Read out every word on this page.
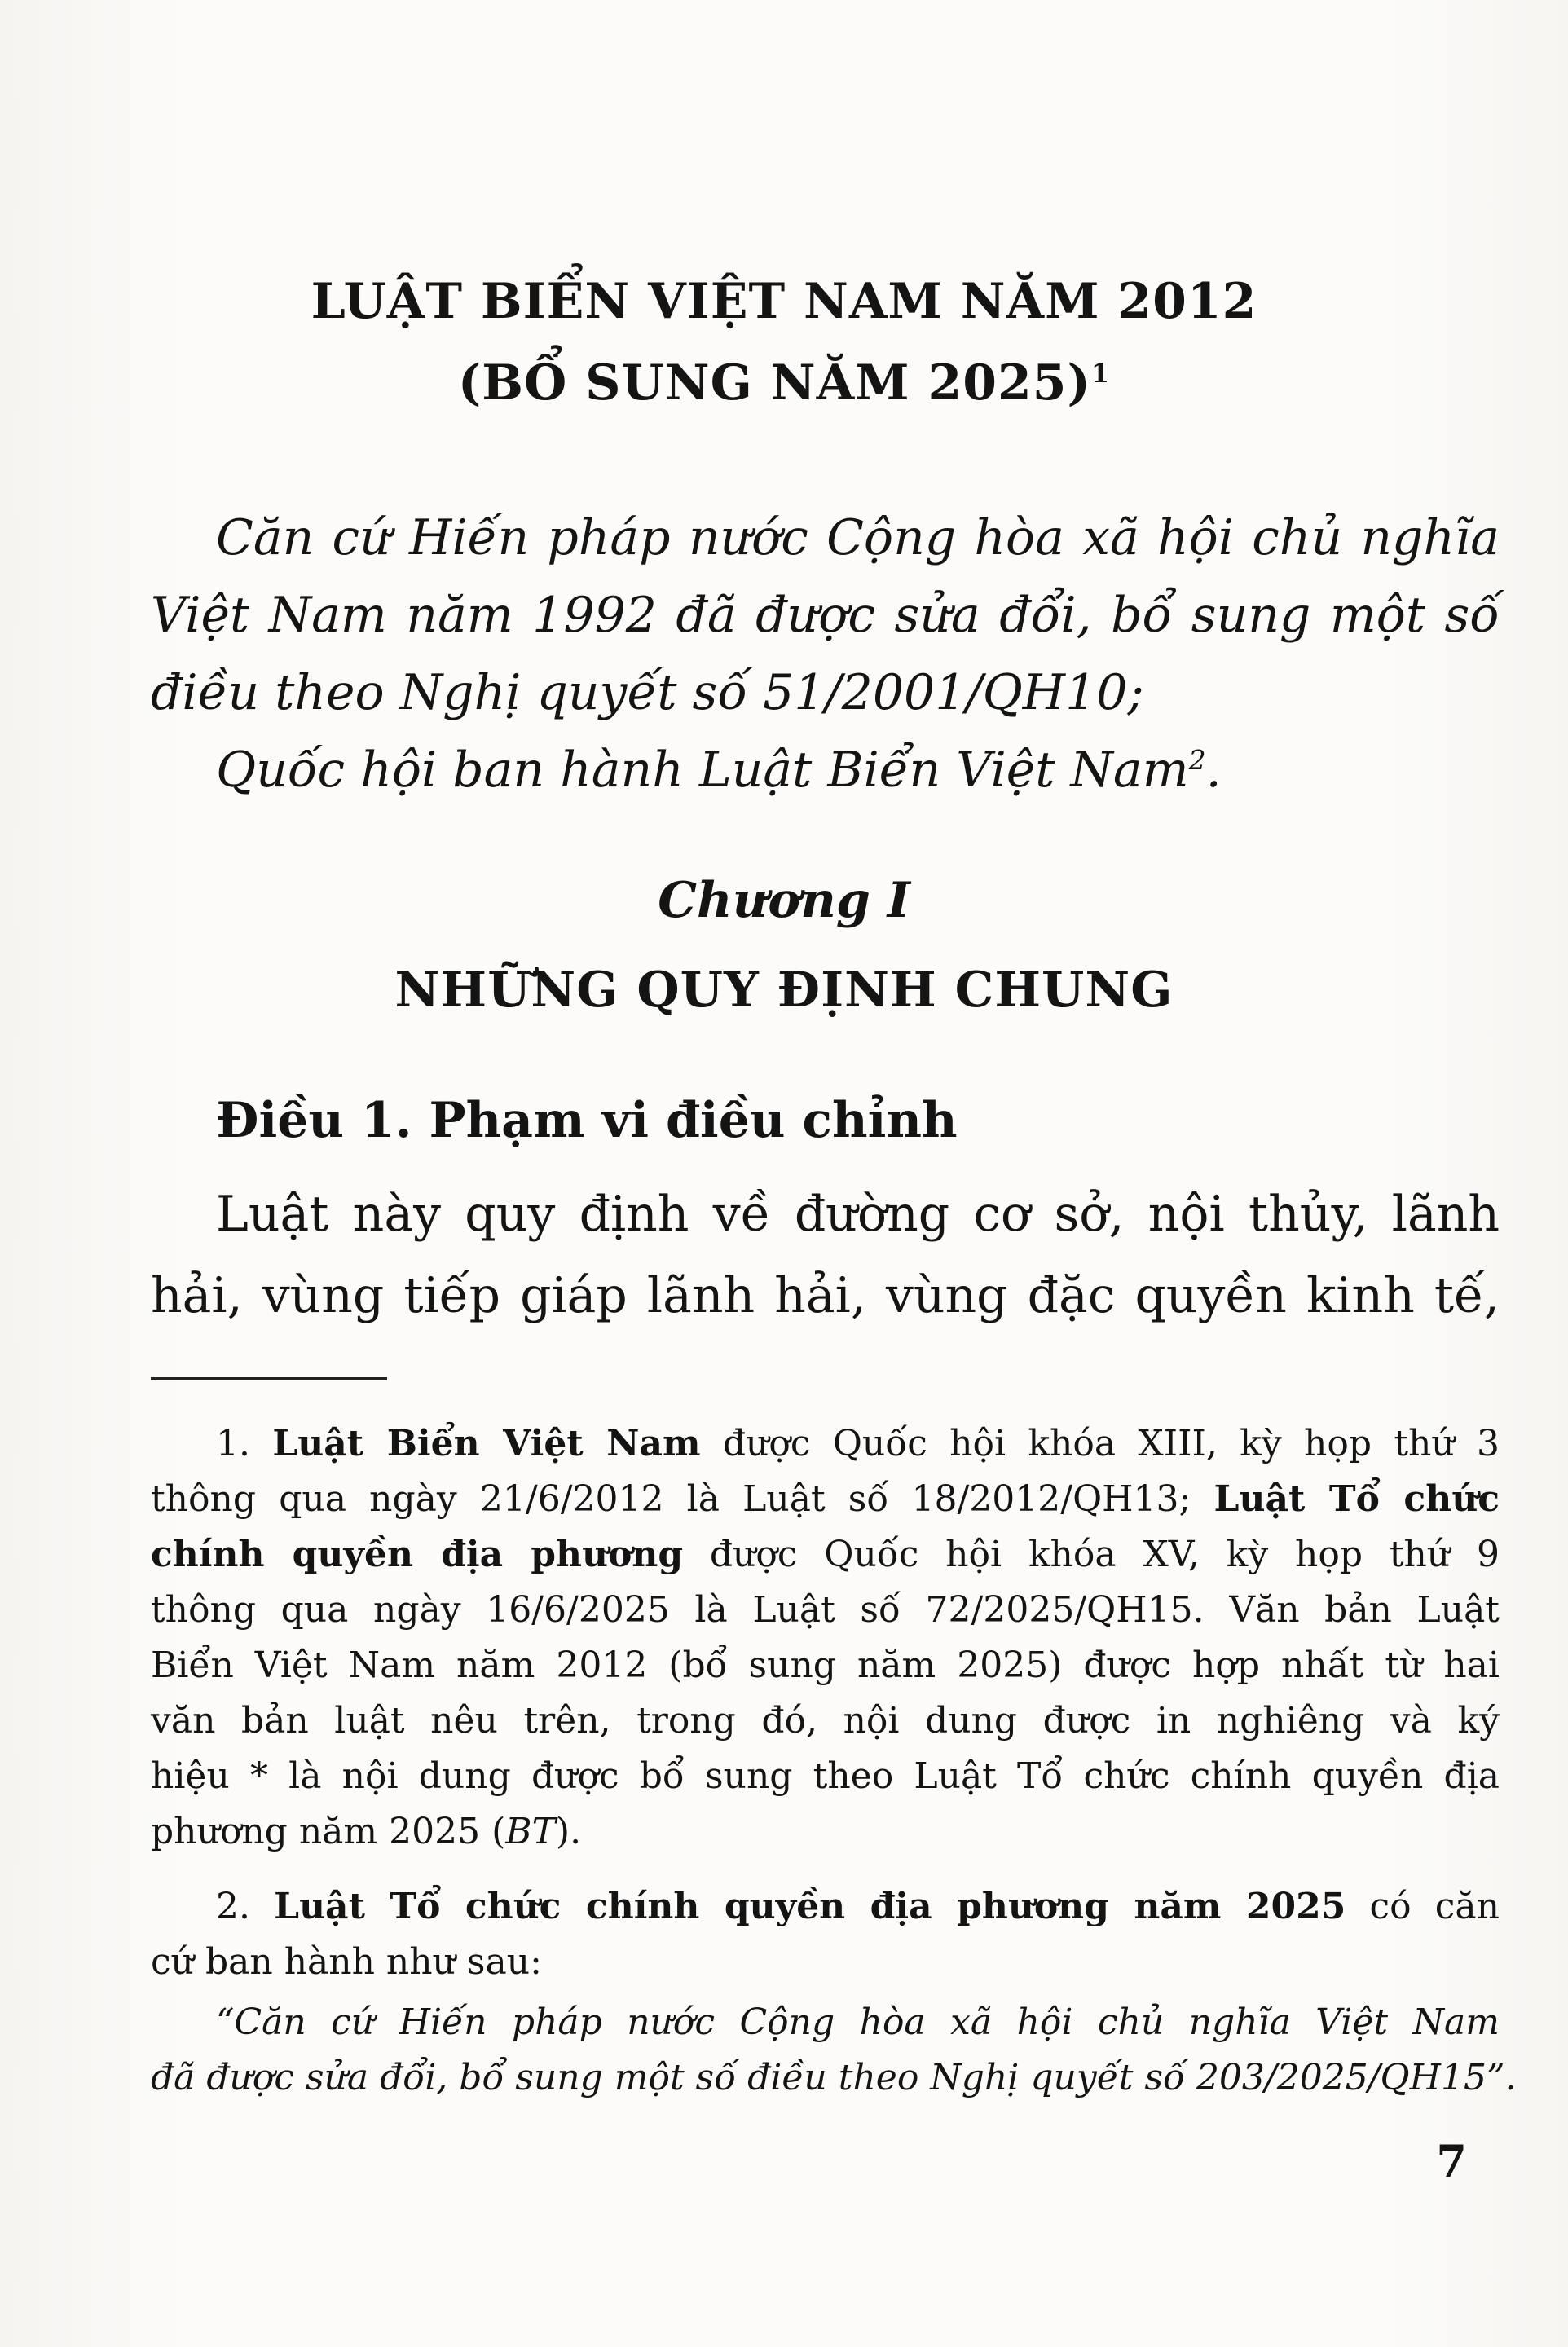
LUẬT BIỂN VIỆT NAM NĂM 2012
(BỔ SUNG NĂM 2025)$^1$
Căn cứ Hiến pháp nước Cộng hòa xã hội chủ nghĩa
Việt Nam năm 1992 đã được sửa đổi, bổ sung một số
điều theo Nghị quyết số 51/2001/QH10;
Quốc hội ban hành Luật Biển Việt Nam$^2$.
Chương I
NHỮNG QUY ĐỊNH CHUNG
Điều 1. Phạm vi điều chỉnh
Luật này quy định về đường cơ sở, nội thủy, lãnh
hải, vùng tiếp giáp lãnh hải, vùng đặc quyền kinh tế,
1. Luật Biển Việt Nam được Quốc hội khóa XIII, kỳ họp thứ 3
thông qua ngày 21/6/2012 là Luật số 18/2012/QH13; Luật Tổ chức
chính quyền địa phương được Quốc hội khóa XV, kỳ họp thứ 9
thông qua ngày 16/6/2025 là Luật số 72/2025/QH15. Văn bản Luật
Biển Việt Nam năm 2012 (bổ sung năm 2025) được hợp nhất từ hai
văn bản luật nêu trên, trong đó, nội dung được in nghiêng và ký
hiệu * là nội dung được bổ sung theo Luật Tổ chức chính quyền địa
phương năm 2025 (BT).
2. Luật Tổ chức chính quyền địa phương năm 2025 có căn
cứ ban hành như sau:
“Căn cứ Hiến pháp nước Cộng hòa xã hội chủ nghĩa Việt Nam
đã được sửa đổi, bổ sung một số điều theo Nghị quyết số 203/2025/QH15”.
7
